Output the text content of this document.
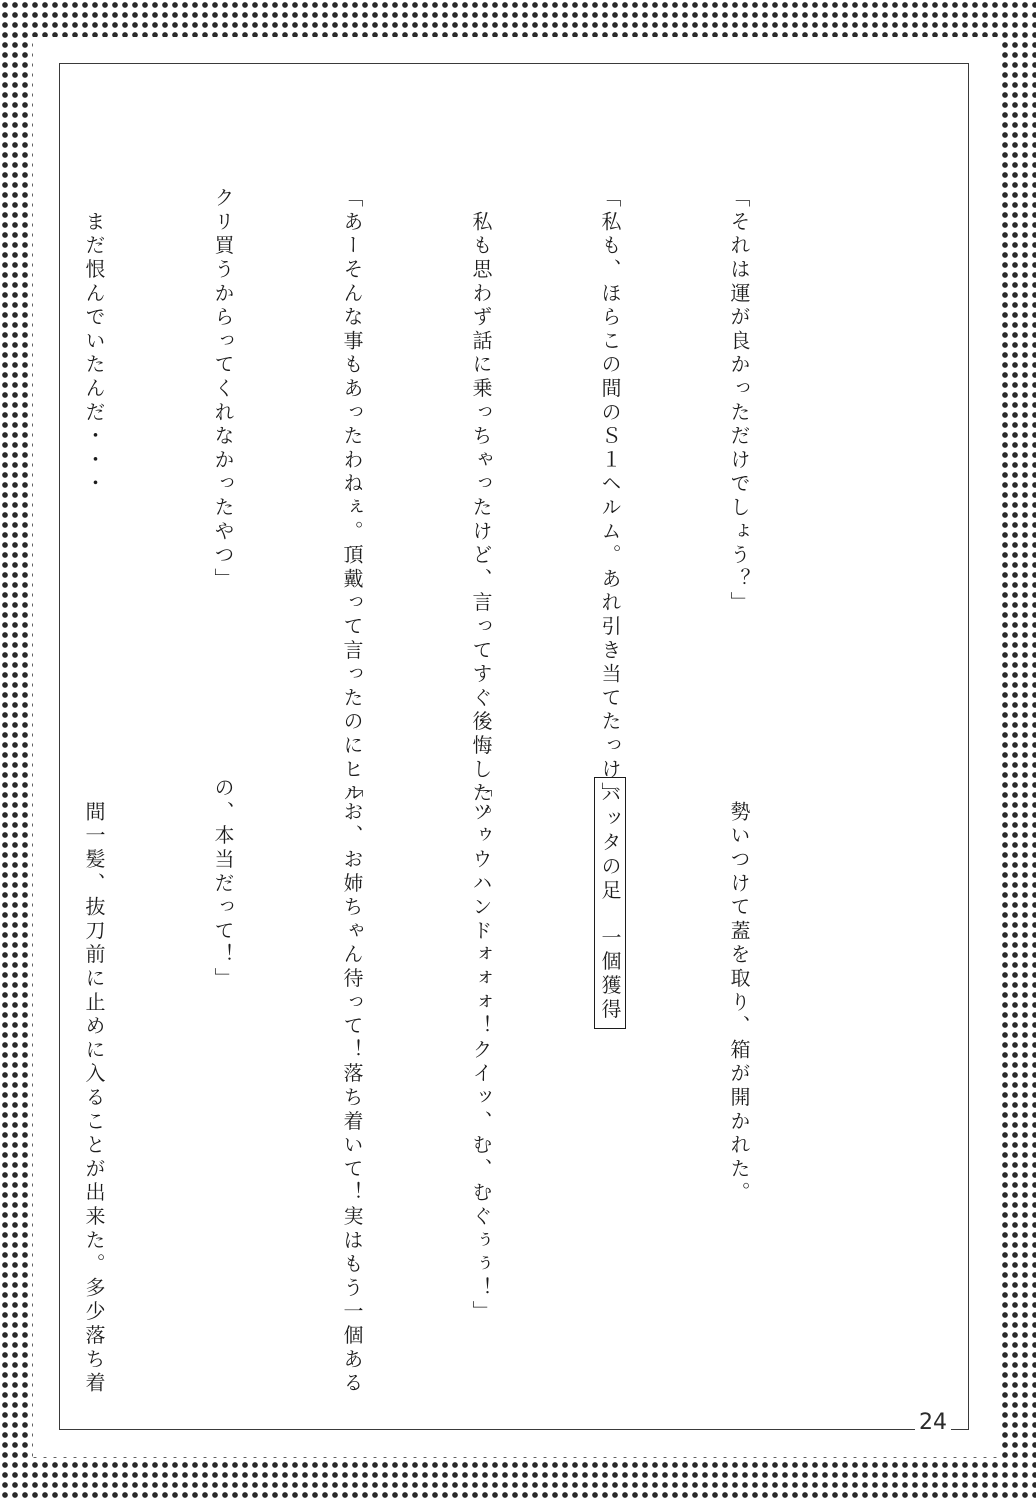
「それは運が良かっただけでしょう？」

「私も、ほらこの間のＳ１ヘルム。あれ引き当てたっけ」

　私も思わず話に乗っちゃったけど、言ってすぐ後悔した。

「あーそんな事もあったわねぇ。頂戴って言ったのにヒル

クリ買うからってくれなかったやつ」

　まだ恨んでいたんだ・・・

　勢いつけて蓋を取り、箱が開かれた。

バッタの足　一個獲得

「ツゥウハンドォォォ！クイッ、む、むぐぅぅ！」

「お、お姉ちゃん待って！落ち着いて！実はもう一個ある

の、本当だって！」

　間一髪、抜刀前に止めに入ることが出来た。多少落ち着

24
